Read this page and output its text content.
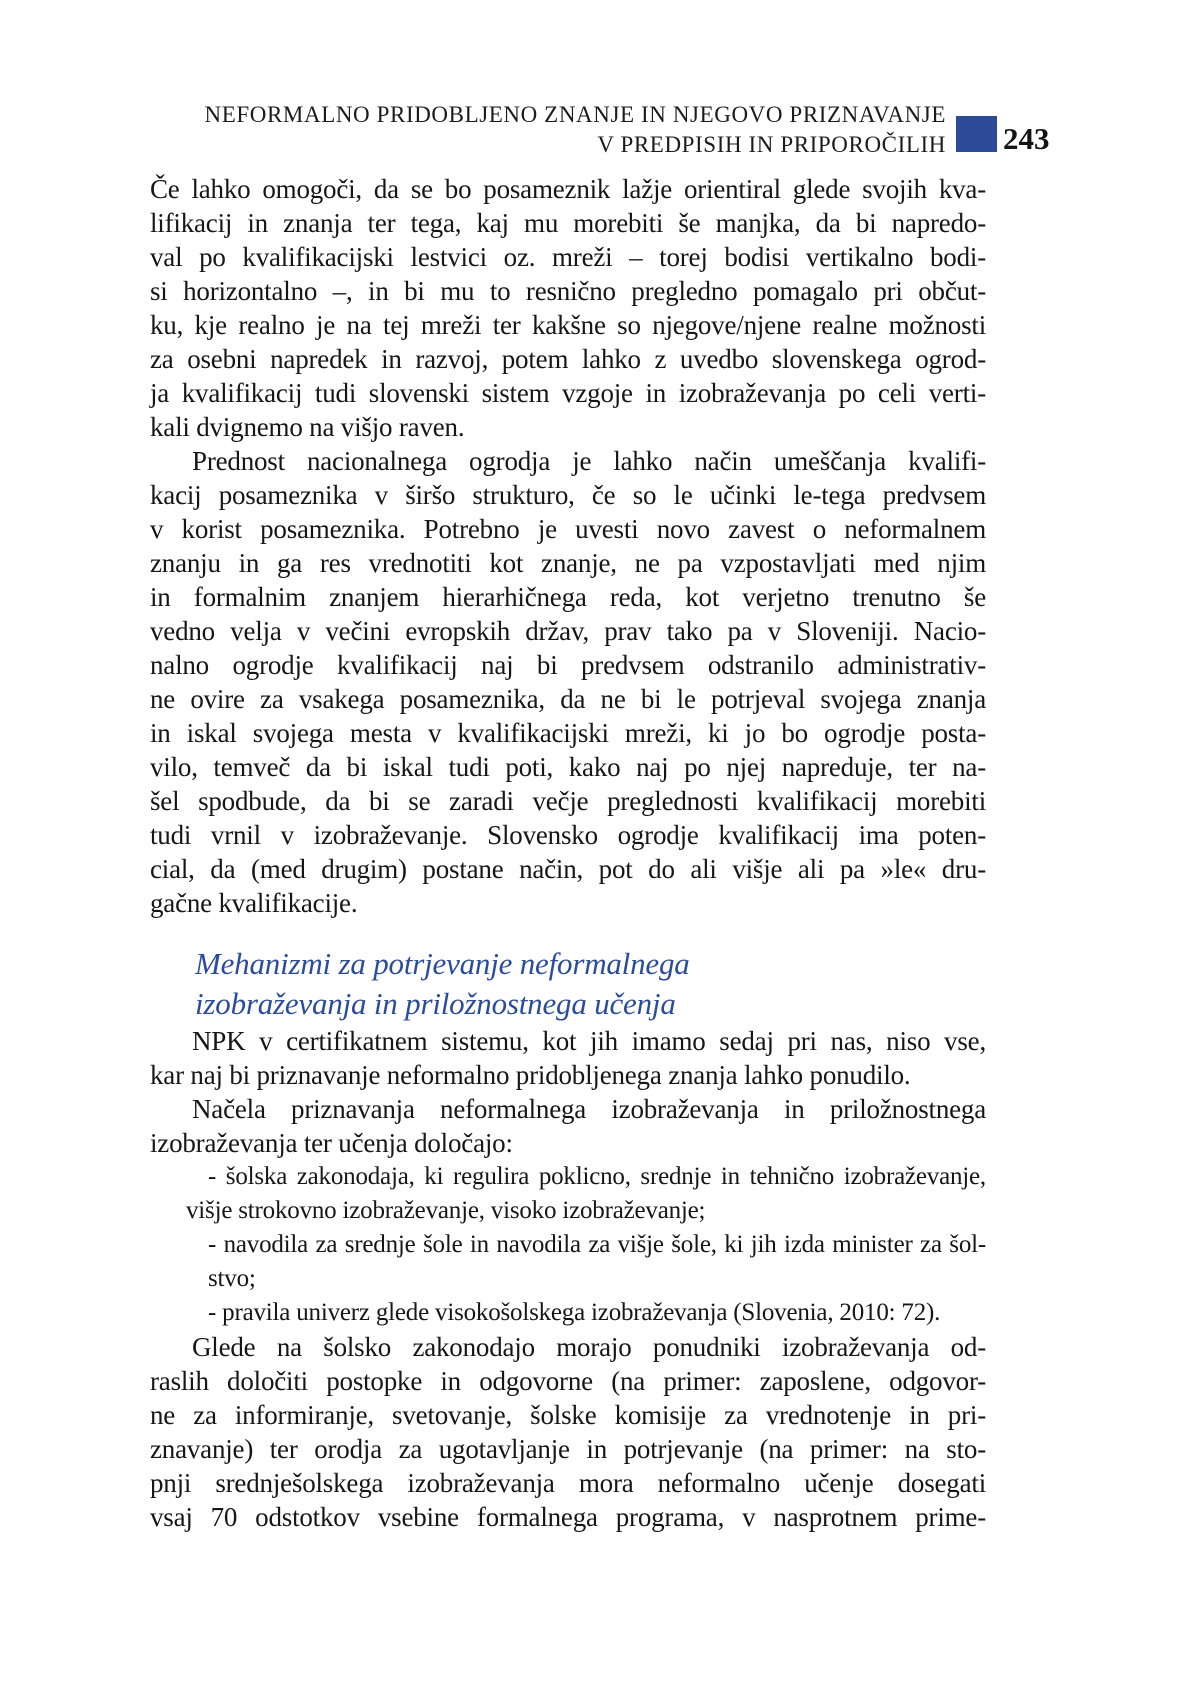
NEFORMALNO PRIDOBLJENO ZNANJE IN NJEGOVO PRIZNAVANJE
V PREDPISIH IN PRIPOROČILIH 243
Če lahko omogoči, da se bo posameznik lažje orientiral glede svojih kva-
lifikacij in znanja ter tega, kaj mu morebiti še manjka, da bi napredo-
val po kvalifikacijski lestvici oz. mreži – torej bodisi vertikalno bodi-
si horizontalno –, in bi mu to resnično pregledno pomagalo pri občut-
ku, kje realno je na tej mreži ter kakšne so njegove/njene realne možnosti
za osebni napredek in razvoj, potem lahko z uvedbo slovenskega ogrod-
ja kvalifikacij tudi slovenski sistem vzgoje in izobraževanja po celi verti-
kali dvignemo na višjo raven.
Prednost nacionalnega ogrodja je lahko način umeščanja kvalifi-
kacij posameznika v širšo strukturo, če so le učinki le-tega predvsem
v korist posameznika. Potrebno je uvesti novo zavest o neformalnem
znanju in ga res vrednotiti kot znanje, ne pa vzpostavljati med njim
in formalnim znanjem hierarhičnega reda, kot verjetno trenutno še
vedno velja v večini evropskih držav, prav tako pa v Sloveniji. Nacio-
nalno ogrodje kvalifikacij naj bi predvsem odstranilo administrativ-
ne ovire za vsakega posameznika, da ne bi le potrjeval svojega znanja
in iskal svojega mesta v kvalifikacijski mreži, ki jo bo ogrodje posta-
vilo, temveč da bi iskal tudi poti, kako naj po njej napreduje, ter na-
šel spodbude, da bi se zaradi večje preglednosti kvalifikacij morebiti
tudi vrnil v izobraževanje. Slovensko ogrodje kvalifikacij ima poten-
cial, da (med drugim) postane način, pot do ali višje ali pa »le« dru-
gačne kvalifikacije.
Mehanizmi za potrjevanje neformalnega
izobraževanja in priložnostnega učenja
NPK v certifikatnem sistemu, kot jih imamo sedaj pri nas, niso vse,
kar naj bi priznavanje neformalno pridobljenega znanja lahko ponudilo.
Načela priznavanja neformalnega izobraževanja in priložnostnega
izobraževanja ter učenja določajo:
- šolska zakonodaja, ki regulira poklicno, srednje in tehnično izobraževanje,
višje strokovno izobraževanje, visoko izobraževanje;
- navodila za srednje šole in navodila za višje šole, ki jih izda minister za šol-
stvo;
- pravila univerz glede visokošolskega izobraževanja (Slovenia, 2010: 72).
Glede na šolsko zakonodajo morajo ponudniki izobraževanja od-
raslih določiti postopke in odgovorne (na primer: zaposlene, odgovor-
ne za informiranje, svetovanje, šolske komisije za vrednotenje in pri-
znavanje) ter orodja za ugotavljanje in potrjevanje (na primer: na sto-
pnji srednješolskega izobraževanja mora neformalno učenje dosegati
vsaj 70 odstotkov vsebine formalnega programa, v nasprotnem prime-
